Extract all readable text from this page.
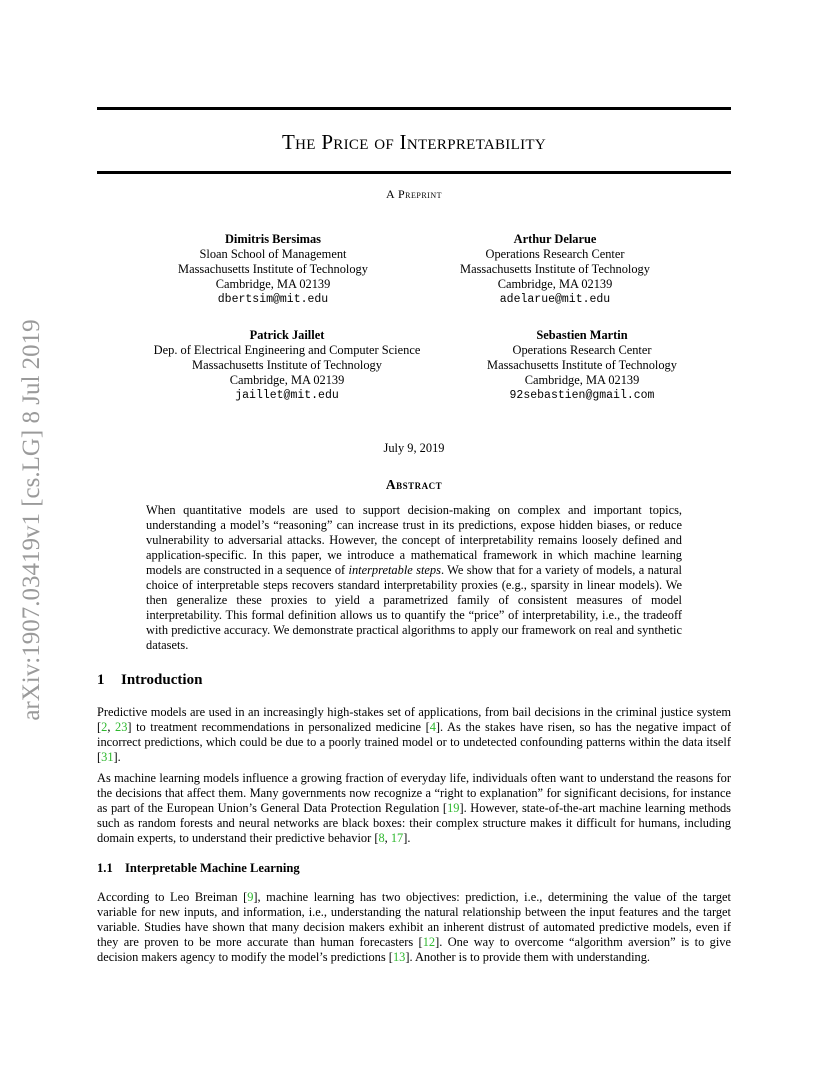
arXiv:1907.03419v1 [cs.LG] 8 Jul 2019
The Price of Interpretability
A Preprint
Dimitris Bersimas
Sloan School of Management
Massachusetts Institute of Technology
Cambridge, MA 02139
dbertsim@mit.edu
Arthur Delarue
Operations Research Center
Massachusetts Institute of Technology
Cambridge, MA 02139
adelarue@mit.edu
Patrick Jaillet
Dep. of Electrical Engineering and Computer Science
Massachusetts Institute of Technology
Cambridge, MA 02139
jaillet@mit.edu
Sebastien Martin
Operations Research Center
Massachusetts Institute of Technology
Cambridge, MA 02139
92sebastien@gmail.com
July 9, 2019
Abstract
When quantitative models are used to support decision-making on complex and important topics, understanding a model’s “reasoning” can increase trust in its predictions, expose hidden biases, or reduce vulnerability to adversarial attacks. However, the concept of interpretability remains loosely defined and application-specific. In this paper, we introduce a mathematical framework in which machine learning models are constructed in a sequence of interpretable steps. We show that for a variety of models, a natural choice of interpretable steps recovers standard interpretability proxies (e.g., sparsity in linear models). We then generalize these proxies to yield a parametrized family of consistent measures of model interpretability. This formal definition allows us to quantify the “price” of interpretability, i.e., the tradeoff with predictive accuracy. We demonstrate practical algorithms to apply our framework on real and synthetic datasets.
1 Introduction
Predictive models are used in an increasingly high-stakes set of applications, from bail decisions in the criminal justice system [2, 23] to treatment recommendations in personalized medicine [4]. As the stakes have risen, so has the negative impact of incorrect predictions, which could be due to a poorly trained model or to undetected confounding patterns within the data itself [31].
As machine learning models influence a growing fraction of everyday life, individuals often want to understand the reasons for the decisions that affect them. Many governments now recognize a “right to explanation” for significant decisions, for instance as part of the European Union’s General Data Protection Regulation [19]. However, state-of-the-art machine learning methods such as random forests and neural networks are black boxes: their complex structure makes it difficult for humans, including domain experts, to understand their predictive behavior [8, 17].
1.1 Interpretable Machine Learning
According to Leo Breiman [9], machine learning has two objectives: prediction, i.e., determining the value of the target variable for new inputs, and information, i.e., understanding the natural relationship between the input features and the target variable. Studies have shown that many decision makers exhibit an inherent distrust of automated predictive models, even if they are proven to be more accurate than human forecasters [12]. One way to overcome “algorithm aversion” is to give decision makers agency to modify the model’s predictions [13]. Another is to provide them with understanding.
